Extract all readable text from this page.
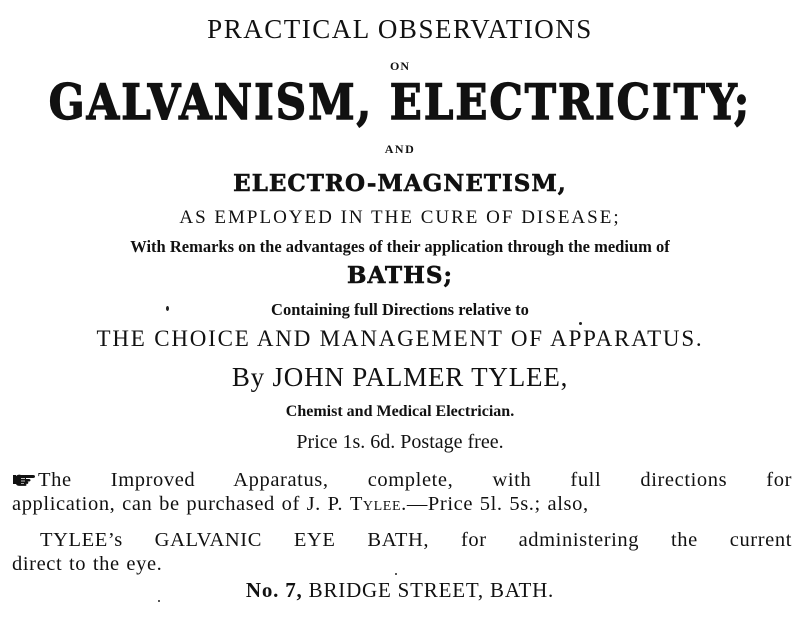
PRACTICAL OBSERVATIONS
ON
GALVANISM, ELECTRICITY;
AND
ELECTRO-MAGNETISM,
AS EMPLOYED IN THE CURE OF DISEASE;
With Remarks on the advantages of their application through the medium of
BATHS;
Containing full Directions relative to
THE CHOICE AND MANAGEMENT OF APPARATUS.
By JOHN PALMER TYLEE,
Chemist and Medical Electrician.
Price 1s. 6d. Postage free.
The Improved Apparatus, complete, with full directions for
application, can be purchased of J. P. Tylee.—Price 5l. 5s.; also,
TYLEE’s GALVANIC EYE BATH, for administering the current
direct to the eye.
No. 7, BRIDGE STREET, BATH.
